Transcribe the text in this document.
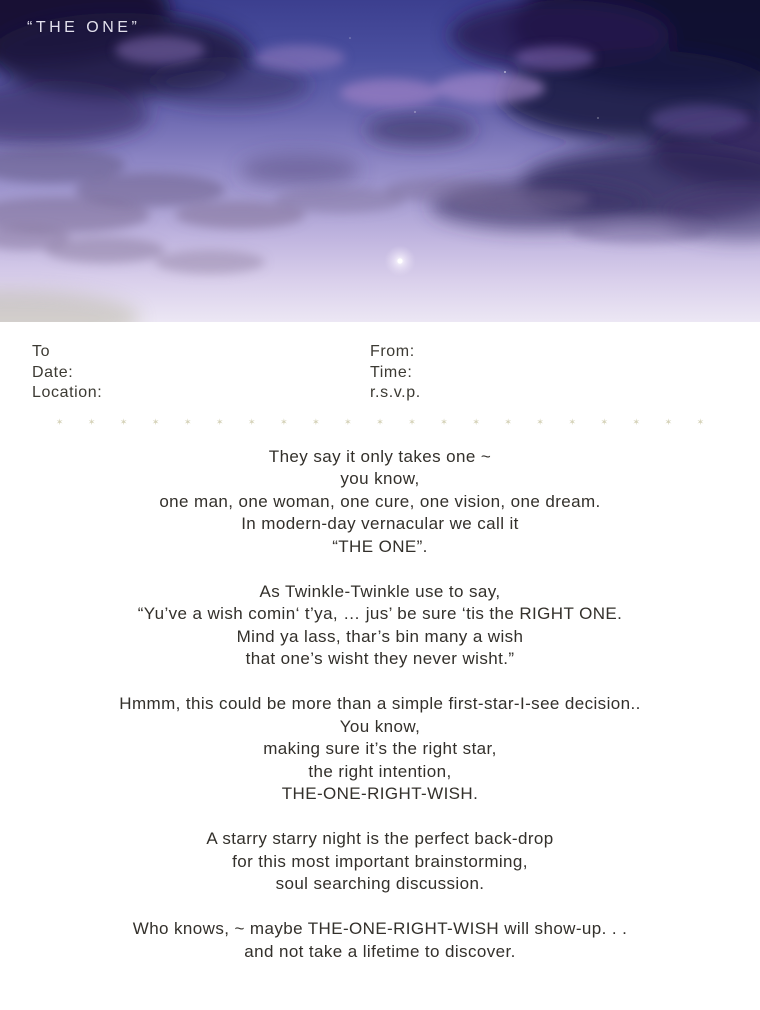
“THE ONE”
To
Date:
Location:
From:
Time:
r.s.v.p.
✶ ✶ ✶ ✶ ✶ ✶ ✶ ✶ ✶ ✶ ✶ ✶ ✶ ✶ ✶ ✶ ✶ ✶ ✶ ✶ ✶
They say it only takes one ~
you know,
one man, one woman, one cure, one vision, one dream.
In modern-day vernacular we call it
“THE ONE”.
As Twinkle-Twinkle use to say,
“Yu’ve a wish comin‘ t’ya, … jus’ be sure ‘tis the RIGHT ONE.
Mind ya lass, thar’s bin many a wish
that one’s wisht they never wisht.”
Hmmm, this could be more than a simple first-star-I-see decision..
You know,
making sure it’s the right star,
the right intention,
THE-ONE-RIGHT-WISH.
A starry starry night is the perfect back-drop
for this most important brainstorming,
soul searching discussion.
Who knows, ~ maybe THE-ONE-RIGHT-WISH will show-up. . .
and not take a lifetime to discover.
